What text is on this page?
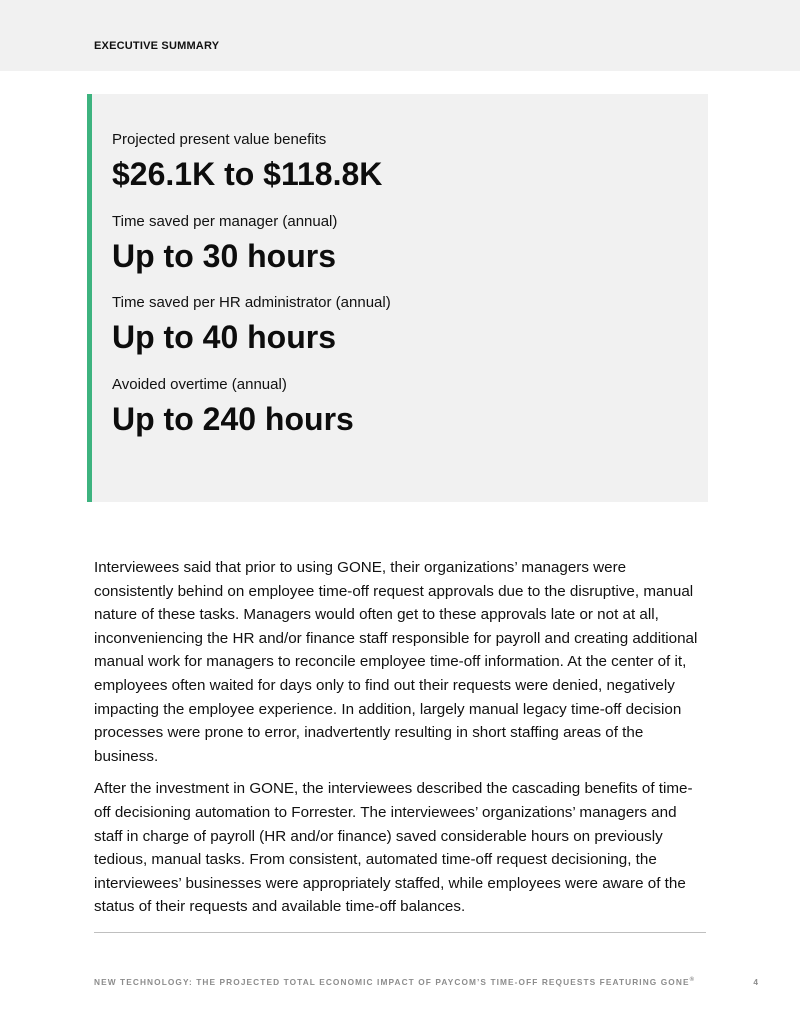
EXECUTIVE SUMMARY
Projected present value benefits
$26.1K to $118.8K
Time saved per manager (annual)
Up to 30 hours
Time saved per HR administrator (annual)
Up to 40 hours
Avoided overtime (annual)
Up to 240 hours

Interviewees said that prior to using GONE, their organizations’ managers were consistently behind on employee time-off request approvals due to the disruptive, manual nature of these tasks. Managers would often get to these approvals late or not at all, inconveniencing the HR and/or finance staff responsible for payroll and creating additional manual work for managers to reconcile employee time-off information. At the center of it, employees often waited for days only to find out their requests were denied, negatively impacting the employee experience. In addition, largely manual legacy time-off decision processes were prone to error, inadvertently resulting in short staffing areas of the business.

After the investment in GONE, the interviewees described the cascading benefits of time-off decisioning automation to Forrester. The interviewees’ organizations’ managers and staff in charge of payroll (HR and/or finance) saved considerable hours on previously tedious, manual tasks. From consistent, automated time-off request decisioning, the interviewees’ businesses were appropriately staffed, while employees were aware of the status of their requests and available time-off balances.

NEW TECHNOLOGY: THE PROJECTED TOTAL ECONOMIC IMPACT OF PAYCOM’S TIME-OFF REQUESTS FEATURING GONE®	4
